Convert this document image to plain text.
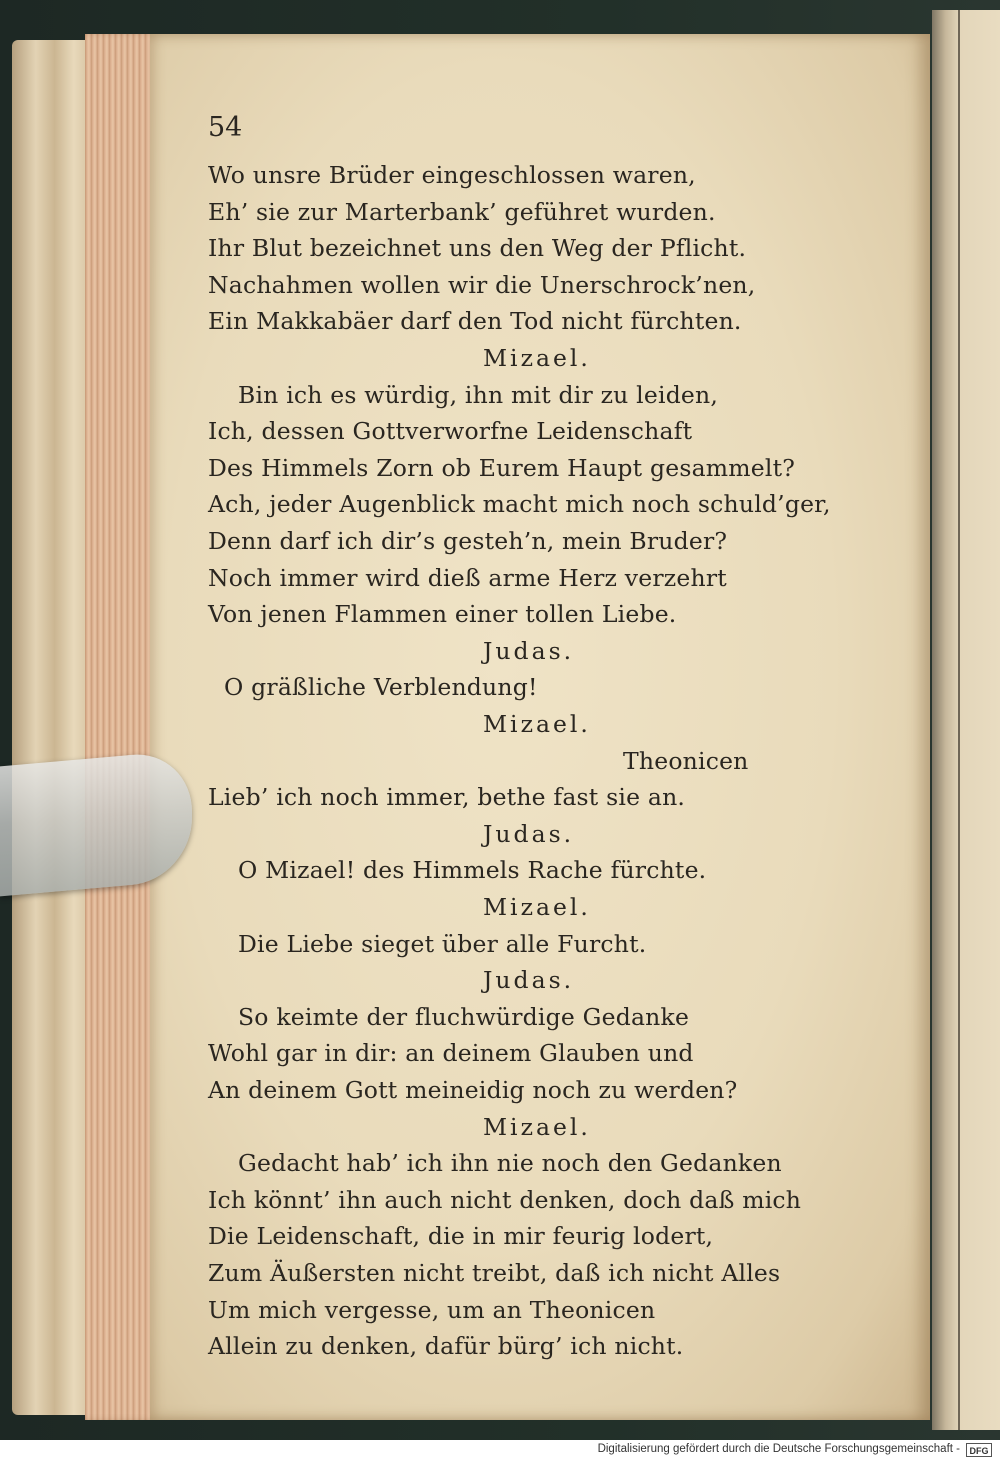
54

Wo unsre Brüder eingeschlossen waren,
Eh’ sie zur Marterbank’ geführet wurden.
Ihr Blut bezeichnet uns den Weg der Pflicht.
Nachahmen wollen wir die Unerschrock’nen,
Ein Makkabäer darf den Tod nicht fürchten.
Mizael.
Bin ich es würdig, ihn mit dir zu leiden,
Ich, dessen Gottverworfne Leidenschaft
Des Himmels Zorn ob Eurem Haupt gesammelt?
Ach, jeder Augenblick macht mich noch schuld’ger,
Denn darf ich dir’s gesteh’n, mein Bruder?
Noch immer wird dieß arme Herz verzehrt
Von jenen Flammen einer tollen Liebe.
Judas.
O gräßliche Verblendung!
Mizael.
Theonicen
Lieb’ ich noch immer, bethe fast sie an.
Judas.
O Mizael! des Himmels Rache fürchte.
Mizael.
Die Liebe sieget über alle Furcht.
Judas.
So keimte der fluchwürdige Gedanke
Wohl gar in dir: an deinem Glauben und
An deinem Gott meineidig noch zu werden?
Mizael.
Gedacht hab’ ich ihn nie noch den Gedanken
Ich könnt’ ihn auch nicht denken, doch daß mich
Die Leidenschaft, die in mir feurig lodert,
Zum Äußersten nicht treibt, daß ich nicht Alles
Um mich vergesse, um an Theonicen
Allein zu denken, dafür bürg’ ich nicht.

Digitalisierung gefördert durch die Deutsche Forschungsgemeinschaft -	DFG
